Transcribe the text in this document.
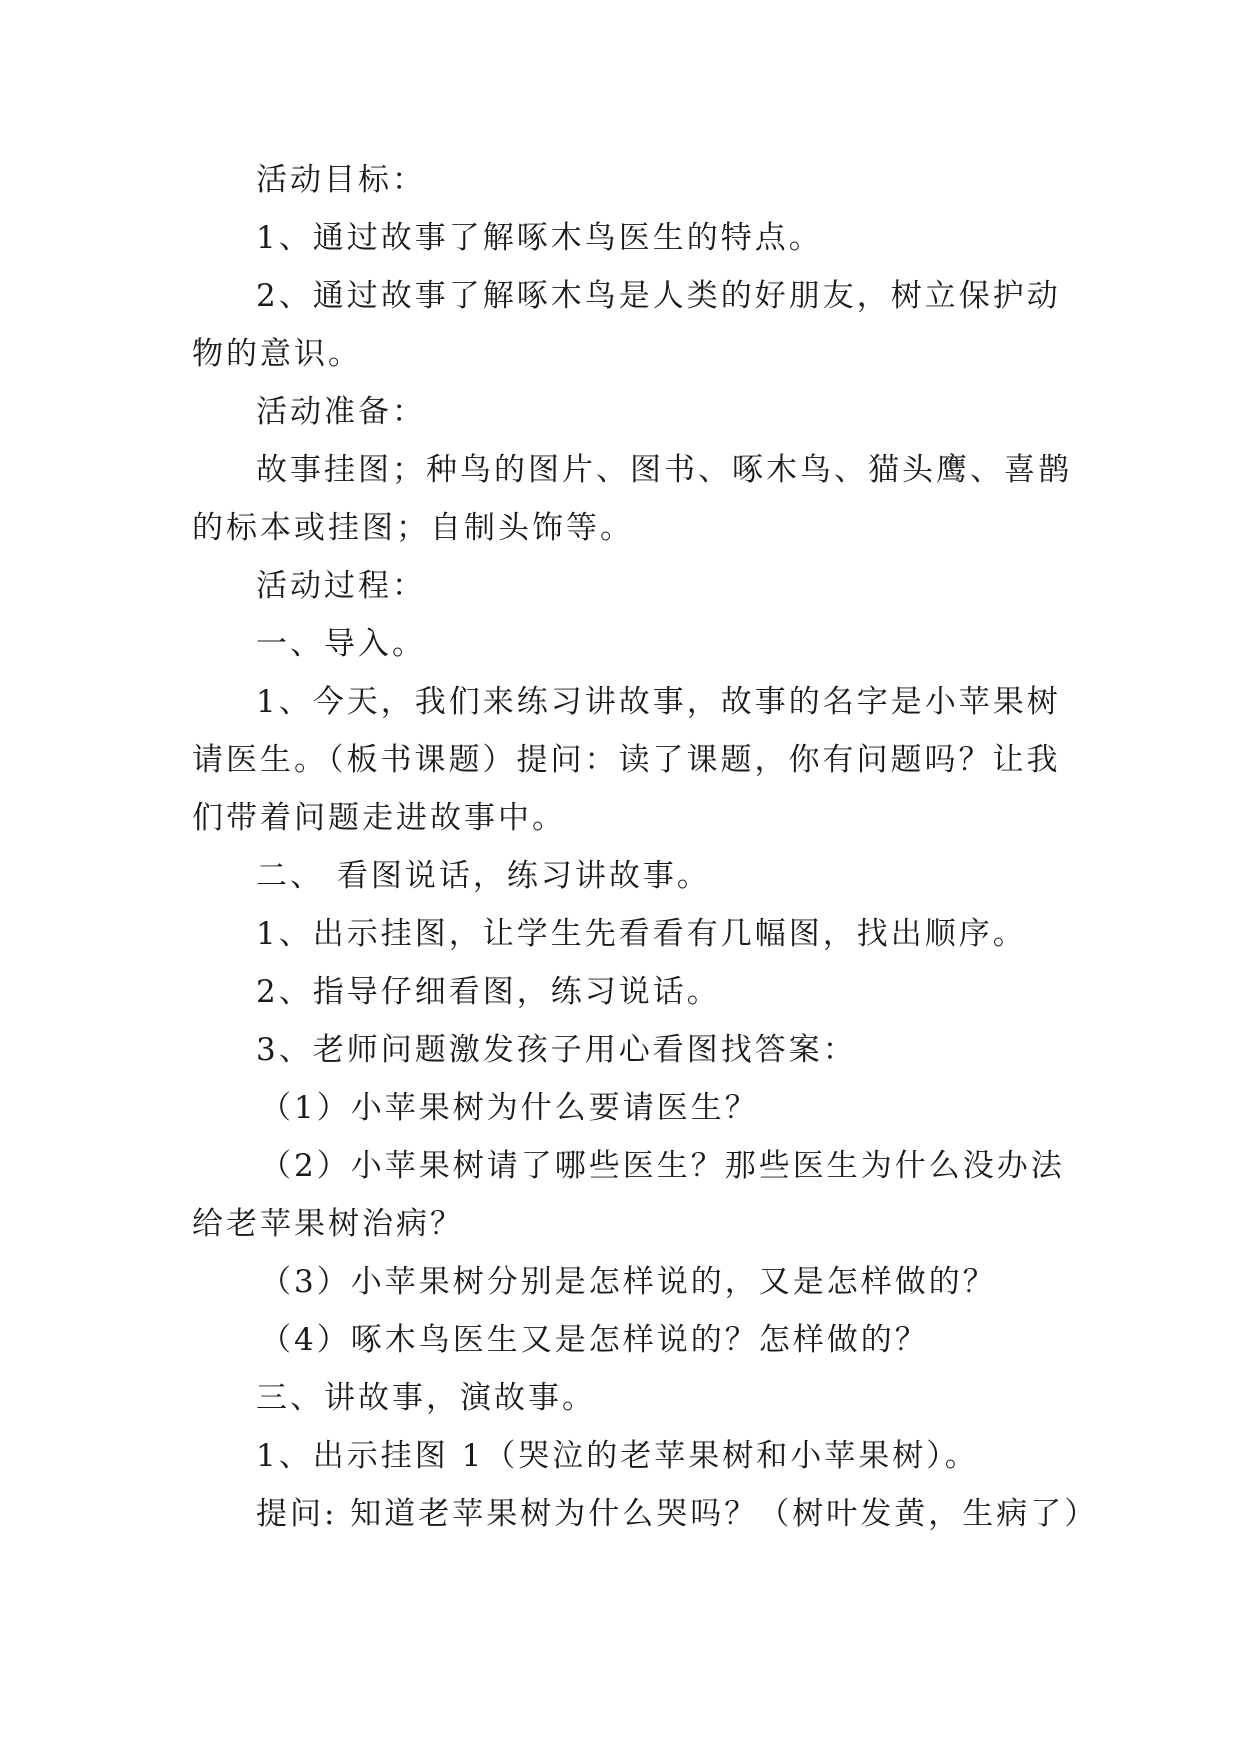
活动目标：
1、通过故事了解啄木鸟医生的特点。
2、通过故事了解啄木鸟是人类的好朋友，树立保护动
物的意识。
活动准备：
故事挂图；种鸟的图片、图书、啄木鸟、猫头鹰、喜鹊
的标本或挂图；自制头饰等。
活动过程：
一、导入。
1、今天，我们来练习讲故事，故事的名字是小苹果树
请医生。（板书课题）提问：读了课题，你有问题吗？让我
们带着问题走进故事中。
二、 看图说话，练习讲故事。
1、出示挂图，让学生先看看有几幅图，找出顺序。
2、指导仔细看图，练习说话。
3、老师问题激发孩子用心看图找答案：
（1）小苹果树为什么要请医生？
（2）小苹果树请了哪些医生？那些医生为什么没办法
给老苹果树治病？
（3）小苹果树分别是怎样说的，又是怎样做的？
（4）啄木鸟医生又是怎样说的？怎样做的？
三、讲故事，演故事。
1、出示挂图 1（哭泣的老苹果树和小苹果树）。
提问: 知道老苹果树为什么哭吗？（树叶发黄，生病了）
